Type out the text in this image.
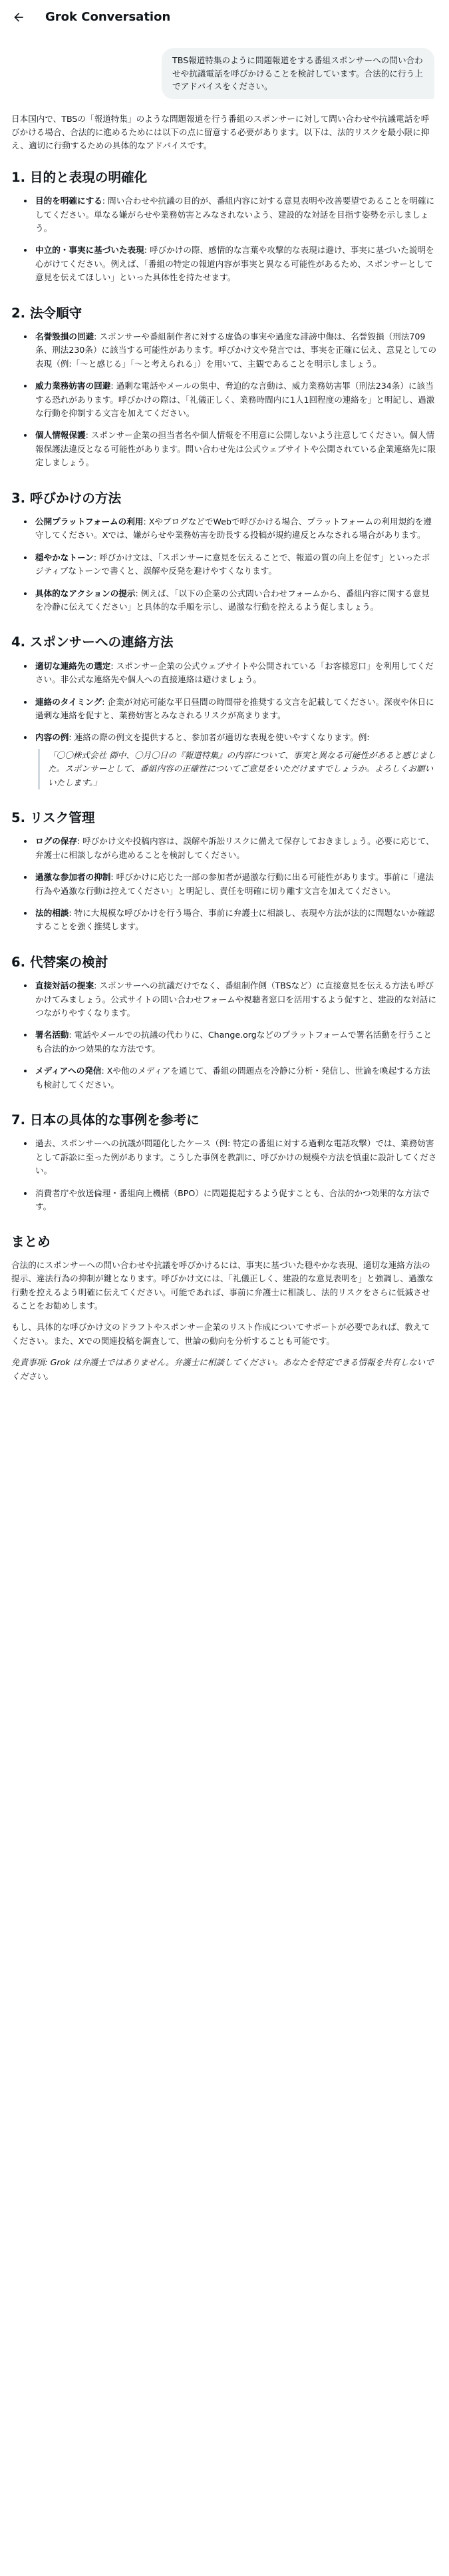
Grok Conversation
TBS報道特集のように問題報道をする番組スポンサーへの問い合わせや抗議電話を呼びかけることを検討しています。合法的に行う上でアドバイスをください。

日本国内で、TBSの「報道特集」のような問題報道を行う番組のスポンサーに対して問い合わせや抗議電話を呼びかける場合、合法的に進めるためには以下の点に留意する必要があります。以下は、法的リスクを最小限に抑え、適切に行動するための具体的なアドバイスです。

1. 目的と表現の明確化
• 目的を明確にする: 問い合わせや抗議の目的が、番組内容に対する意見表明や改善要望であることを明確にしてください。単なる嫌がらせや業務妨害とみなされないよう、建設的な対話を目指す姿勢を示しましょう。
• 中立的・事実に基づいた表現: 呼びかけの際、感情的な言葉や攻撃的な表現は避け、事実に基づいた説明を心がけてください。例えば、「番組の特定の報道内容が事実と異なる可能性があるため、スポンサーとして意見を伝えてほしい」といった具体性を持たせます。
2. 法令順守
• 名誉毀損の回避: スポンサーや番組制作者に対する虚偽の事実や過度な誹謗中傷は、名誉毀損（刑法709条、刑法230条）に該当する可能性があります。呼びかけ文や発言では、事実を正確に伝え、意見としての表現（例:「〜と感じる」「〜と考えられる」）を用いて、主観であることを明示しましょう。
• 威力業務妨害の回避: 過剰な電話やメールの集中、脅迫的な言動は、威力業務妨害罪（刑法234条）に該当する恐れがあります。呼びかけの際は、「礼儀正しく、業務時間内に1人1回程度の連絡を」と明記し、過激な行動を抑制する文言を加えてください。
• 個人情報保護: スポンサー企業の担当者名や個人情報を不用意に公開しないよう注意してください。個人情報保護法違反となる可能性があります。問い合わせ先は公式ウェブサイトや公開されている企業連絡先に限定しましょう。
3. 呼びかけの方法
• 公開プラットフォームの利用: XやブログなどでWebで呼びかける場合、プラットフォームの利用規約を遵守してください。Xでは、嫌がらせや業務妨害を助長する投稿が規約違反とみなされる場合があります。
• 穏やかなトーン: 呼びかけ文は、「スポンサーに意見を伝えることで、報道の質の向上を促す」といったポジティブなトーンで書くと、誤解や反発を避けやすくなります。
• 具体的なアクションの提示: 例えば、「以下の企業の公式問い合わせフォームから、番組内容に関する意見を冷静に伝えてください」と具体的な手順を示し、過激な行動を控えるよう促しましょう。
4. スポンサーへの連絡方法
• 適切な連絡先の選定: スポンサー企業の公式ウェブサイトや公開されている「お客様窓口」を利用してください。非公式な連絡先や個人への直接連絡は避けましょう。
• 連絡のタイミング: 企業が対応可能な平日昼間の時間帯を推奨する文言を記載してください。深夜や休日に過剰な連絡を促すと、業務妨害とみなされるリスクが高まります。
• 内容の例: 連絡の際の例文を提供すると、参加者が適切な表現を使いやすくなります。例:
「〇〇株式会社 御中、〇月〇日の『報道特集』の内容について、事実と異なる可能性があると感じました。スポンサーとして、番組内容の正確性についてご意見をいただけますでしょうか。よろしくお願いいたします。」
5. リスク管理
• ログの保存: 呼びかけ文や投稿内容は、誤解や訴訟リスクに備えて保存しておきましょう。必要に応じて、弁護士に相談しながら進めることを検討してください。
• 過激な参加者の抑制: 呼びかけに応じた一部の参加者が過激な行動に出る可能性があります。事前に「違法行為や過激な行動は控えてください」と明記し、責任を明確に切り離す文言を加えてください。
• 法的相談: 特に大規模な呼びかけを行う場合、事前に弁護士に相談し、表現や方法が法的に問題ないか確認することを強く推奨します。
6. 代替案の検討
• 直接対話の提案: スポンサーへの抗議だけでなく、番組制作側（TBSなど）に直接意見を伝える方法も呼びかけてみましょう。公式サイトの問い合わせフォームや視聴者窓口を活用するよう促すと、建設的な対話につながりやすくなります。
• 署名活動: 電話やメールでの抗議の代わりに、Change.orgなどのプラットフォームで署名活動を行うことも合法的かつ効果的な方法です。
• メディアへの発信: Xや他のメディアを通じて、番組の問題点を冷静に分析・発信し、世論を喚起する方法も検討してください。
7. 日本の具体的な事例を参考に
• 過去、スポンサーへの抗議が問題化したケース（例: 特定の番組に対する過剰な電話攻撃）では、業務妨害として訴訟に至った例があります。こうした事例を教訓に、呼びかけの規模や方法を慎重に設計してください。
• 消費者庁や放送倫理・番組向上機構（BPO）に問題提起するよう促すことも、合法的かつ効果的な方法です。
まとめ

合法的にスポンサーへの問い合わせや抗議を呼びかけるには、事実に基づいた穏やかな表現、適切な連絡方法の提示、違法行為の抑制が鍵となります。呼びかけ文には、「礼儀正しく、建設的な意見表明を」と強調し、過激な行動を控えるよう明確に伝えてください。可能であれば、事前に弁護士に相談し、法的リスクをさらに低減させることをお勧めします。

もし、具体的な呼びかけ文のドラフトやスポンサー企業のリスト作成についてサポートが必要であれば、教えてください。また、Xでの関連投稿を調査して、世論の動向を分析することも可能です。

免責事項: Grok は弁護士ではありません。弁護士に相談してください。あなたを特定できる情報を共有しないでください。
